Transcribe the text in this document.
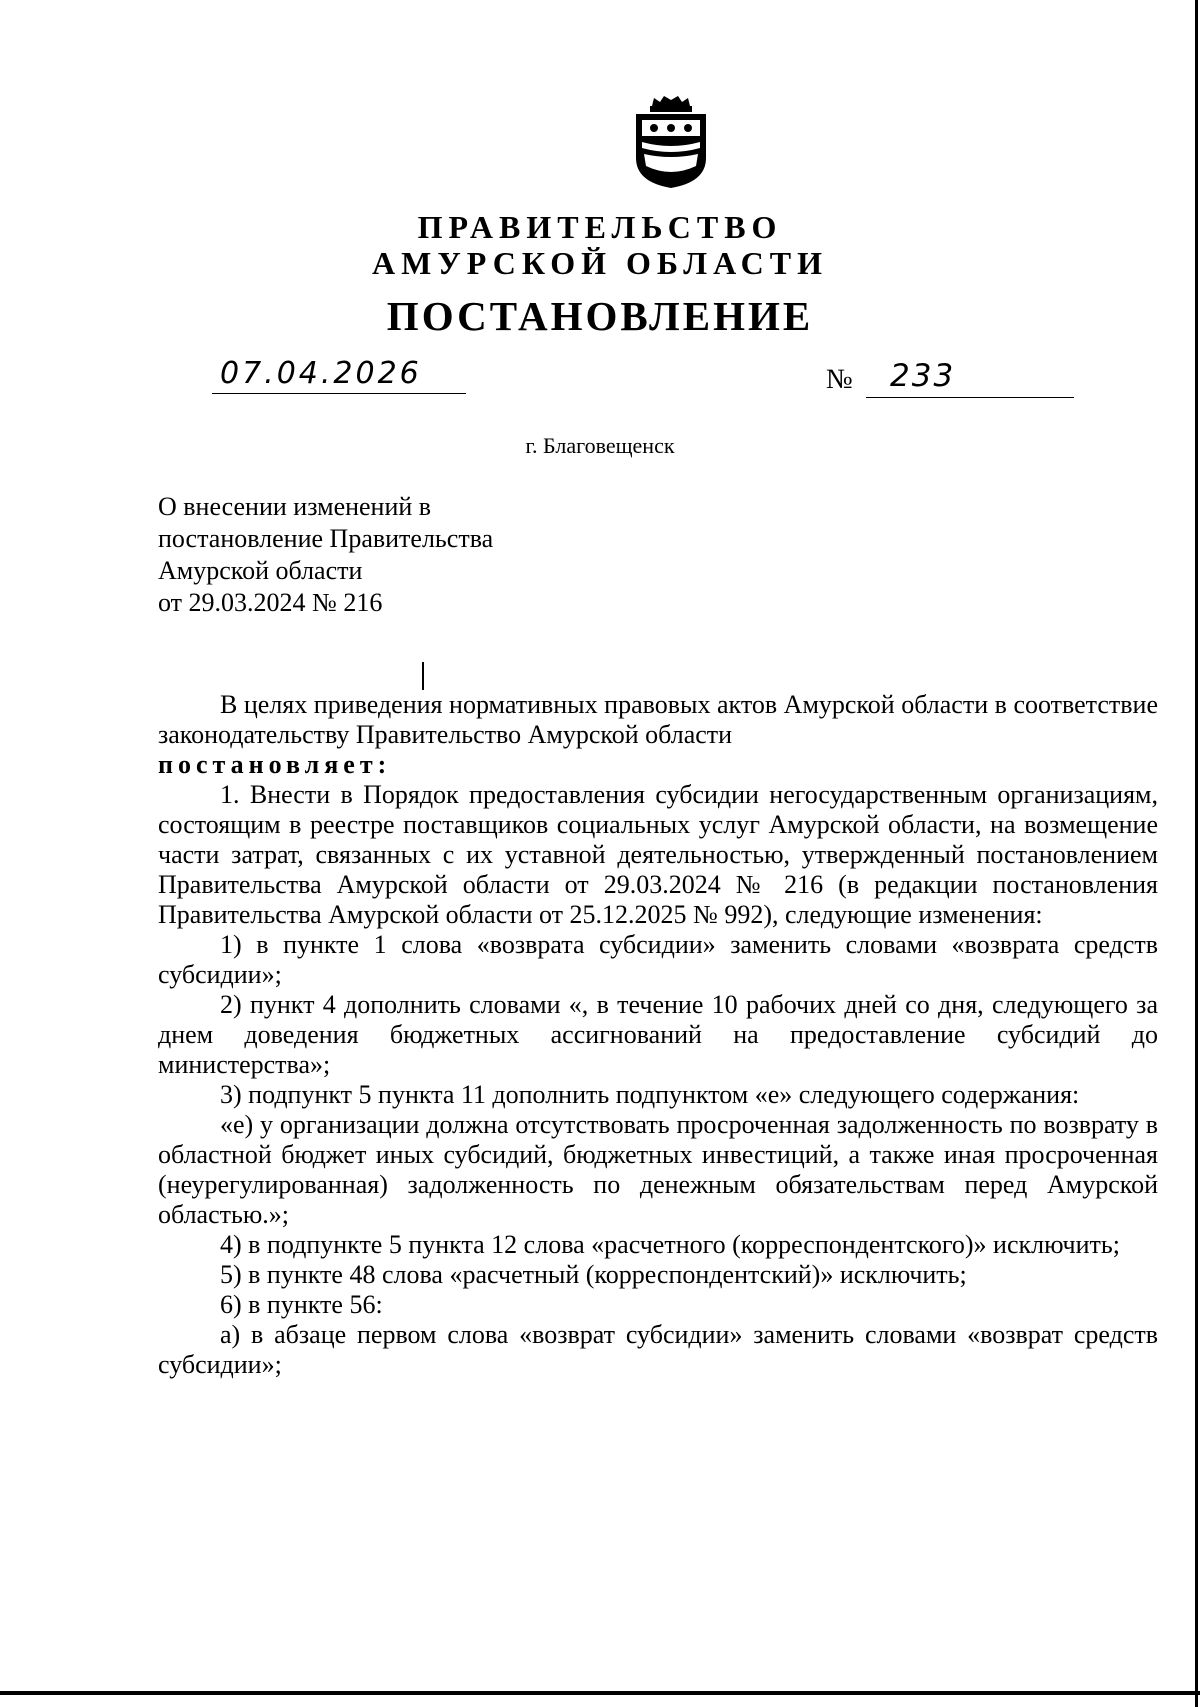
ПРАВИТЕЛЬСТВО
АМУРСКОЙ ОБЛАСТИ
ПОСТАНОВЛЕНИЕ
07.04.2026	№ 233
г. Благовещенск
О внесении изменений в
постановление Правительства
Амурской области
от 29.03.2024 № 216

В целях приведения нормативных правовых актов Амурской области в соответствие законодательству Правительство Амурской области

постановляет:

1. Внести в Порядок предоставления субсидии негосударственным организациям, состоящим в реестре поставщиков социальных услуг Амурской области, на возмещение части затрат, связанных с их уставной деятельностью, утвержденный постановлением Правительства Амурской области от 29.03.2024 № 216 (в редакции постановления Правительства Амурской области от 25.12.2025 № 992), следующие изменения:

1) в пункте 1 слова «возврата субсидии» заменить словами «возврата средств субсидии»;

2) пункт 4 дополнить словами «, в течение 10 рабочих дней со дня, следующего за днем доведения бюджетных ассигнований на предоставление субсидий до министерства»;

3) подпункт 5 пункта 11 дополнить подпунктом «е» следующего содержания:

«е) у организации должна отсутствовать просроченная задолженность по возврату в областной бюджет иных субсидий, бюджетных инвестиций, а также иная просроченная (неурегулированная) задолженность по денежным обязательствам перед Амурской областью.»;

4) в подпункте 5 пункта 12 слова «расчетного (корреспондентского)» исключить;

5) в пункте 48 слова «расчетный (корреспондентский)» исключить;

6) в пункте 56:

а) в абзаце первом слова «возврат субсидии» заменить словами «возврат средств субсидии»;
